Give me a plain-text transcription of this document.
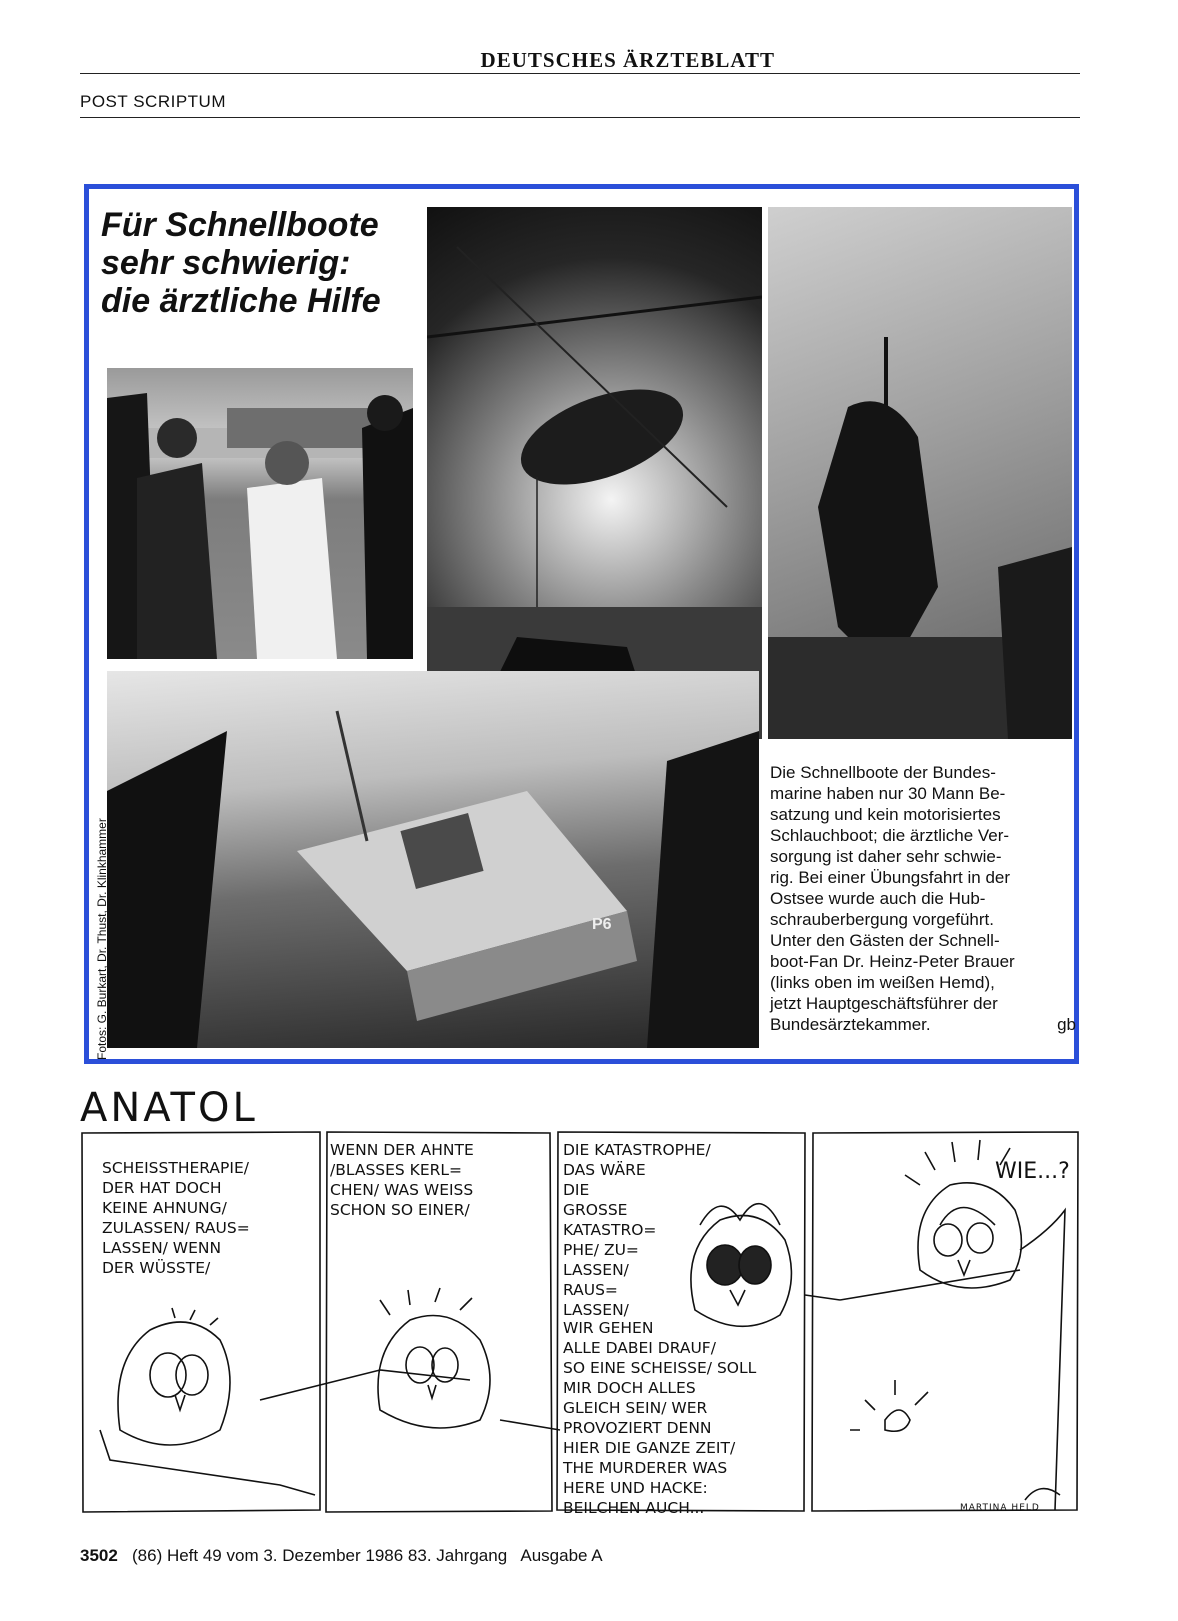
DEUTSCHES ÄRZTEBLATT
POST SCRIPTUM
Für Schnellboote
sehr schwierig:
die ärztliche Hilfe
P6
Fotos: G. Burkart, Dr. Thust, Dr. Klinkhammer
Die Schnellboote der Bundes-
marine haben nur 30 Mann Be-
satzung und kein motorisiertes
Schlauchboot; die ärztliche Ver-
sorgung ist daher sehr schwie-
rig. Bei einer Übungsfahrt in der
Ostsee wurde auch die Hub-
schrauberbergung vorgeführt.
Unter den Gästen der Schnell-
boot-Fan Dr. Heinz-Peter Brauer
(links oben im weißen Hemd),
jetzt Hauptgeschäftsführer der
Bundesärztekammer.	gb
ANATOL
SCHEISSTHERAPIE/
DER HAT DOCH
KEINE AHNUNG/
ZULASSEN/ RAUS=
LASSEN/ WENN
DER WÜSSTE/
WENN DER AHNTE
/BLASSES KERL=
CHEN/ WAS WEISS
SCHON SO EINER/
DIE KATASTROPHE/
DAS WÄRE
DIE
GROSSE
KATASTRO=
PHE/ ZU=
LASSEN/
RAUS=
LASSEN/
WIR GEHEN
ALLE DABEI DRAUF/
SO EINE SCHEISSE/ SOLL
MIR DOCH ALLES
GLEICH SEIN/ WER
PROVOZIERT DENN
HIER DIE GANZE ZEIT/
THE MURDERER WAS
HERE UND HACKE:
BEILCHEN AUCH...
WIE...?
MARTINA HELD
3502 (86) Heft 49 vom 3. Dezember 1986 83. Jahrgang   Ausgabe A
